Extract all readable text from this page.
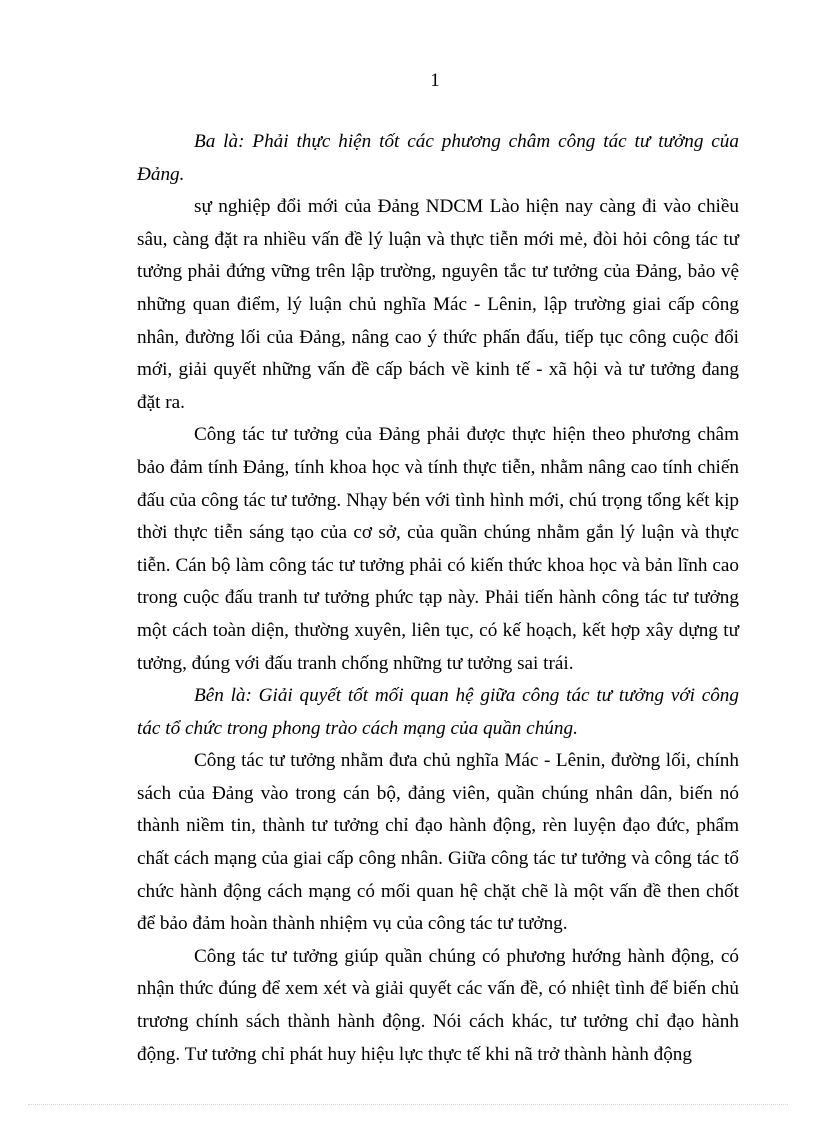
1

Ba là: Phải thực hiện tốt các phương châm công tác tư tưởng của Đảng.

sự nghiệp đổi mới của Đảng NDCM Lào hiện nay càng đi vào chiều sâu, càng đặt ra nhiều vấn đề lý luận và thực tiễn mới mẻ, đòi hỏi công tác tư tưởng phải đứng vững trên lập trường, nguyên tắc tư tưởng của Đảng, bảo vệ những quan điểm, lý luận chủ nghĩa Mác - Lênin, lập trường giai cấp công nhân, đường lối của Đảng, nâng cao ý thức phấn đấu, tiếp tục công cuộc đổi mới, giải quyết những vấn đề cấp bách về kinh tế - xã hội và tư tưởng đang đặt ra.

Công tác tư tưởng của Đảng phải được thực hiện theo phương châm bảo đảm tính Đảng, tính khoa học và tính thực tiễn, nhằm nâng cao tính chiến đấu của công tác tư tưởng. Nhạy bén với tình hình mới, chú trọng tổng kết kịp thời thực tiễn sáng tạo của cơ sở, của quần chúng nhằm gắn lý luận và thực tiễn. Cán bộ làm công tác tư tưởng phải có kiến thức khoa học và bản lĩnh cao trong cuộc đấu tranh tư tưởng phức tạp này. Phải tiến hành công tác tư tưởng một cách toàn diện, thường xuyên, liên tục, có kế hoạch, kết hợp xây dựng tư tưởng, đúng với đấu tranh chống những tư tưởng sai trái.

Bên là: Giải quyết tốt mối quan hệ giữa công tác tư tưởng với công tác tổ chức trong phong trào cách mạng của quần chúng.

Công tác tư tưởng nhằm đưa chủ nghĩa Mác - Lênin, đường lối, chính sách của Đảng vào trong cán bộ, đảng viên, quần chúng nhân dân, biến nó thành niềm tin, thành tư tưởng chỉ đạo hành động, rèn luyện đạo đức, phẩm chất cách mạng của giai cấp công nhân. Giữa công tác tư tưởng và công tác tổ chức hành động cách mạng có mối quan hệ chặt chẽ là một vấn đề then chốt để bảo đảm hoàn thành nhiệm vụ của công tác tư tưởng.

Công tác tư tưởng giúp quần chúng có phương hướng hành động, có nhận thức đúng để xem xét và giải quyết các vấn đề, có nhiệt tình để biến chủ trương chính sách thành hành động. Nói cách khác, tư tưởng chỉ đạo hành động. Tư tưởng chỉ phát huy hiệu lực thực tế khi nã trở thành hành động
